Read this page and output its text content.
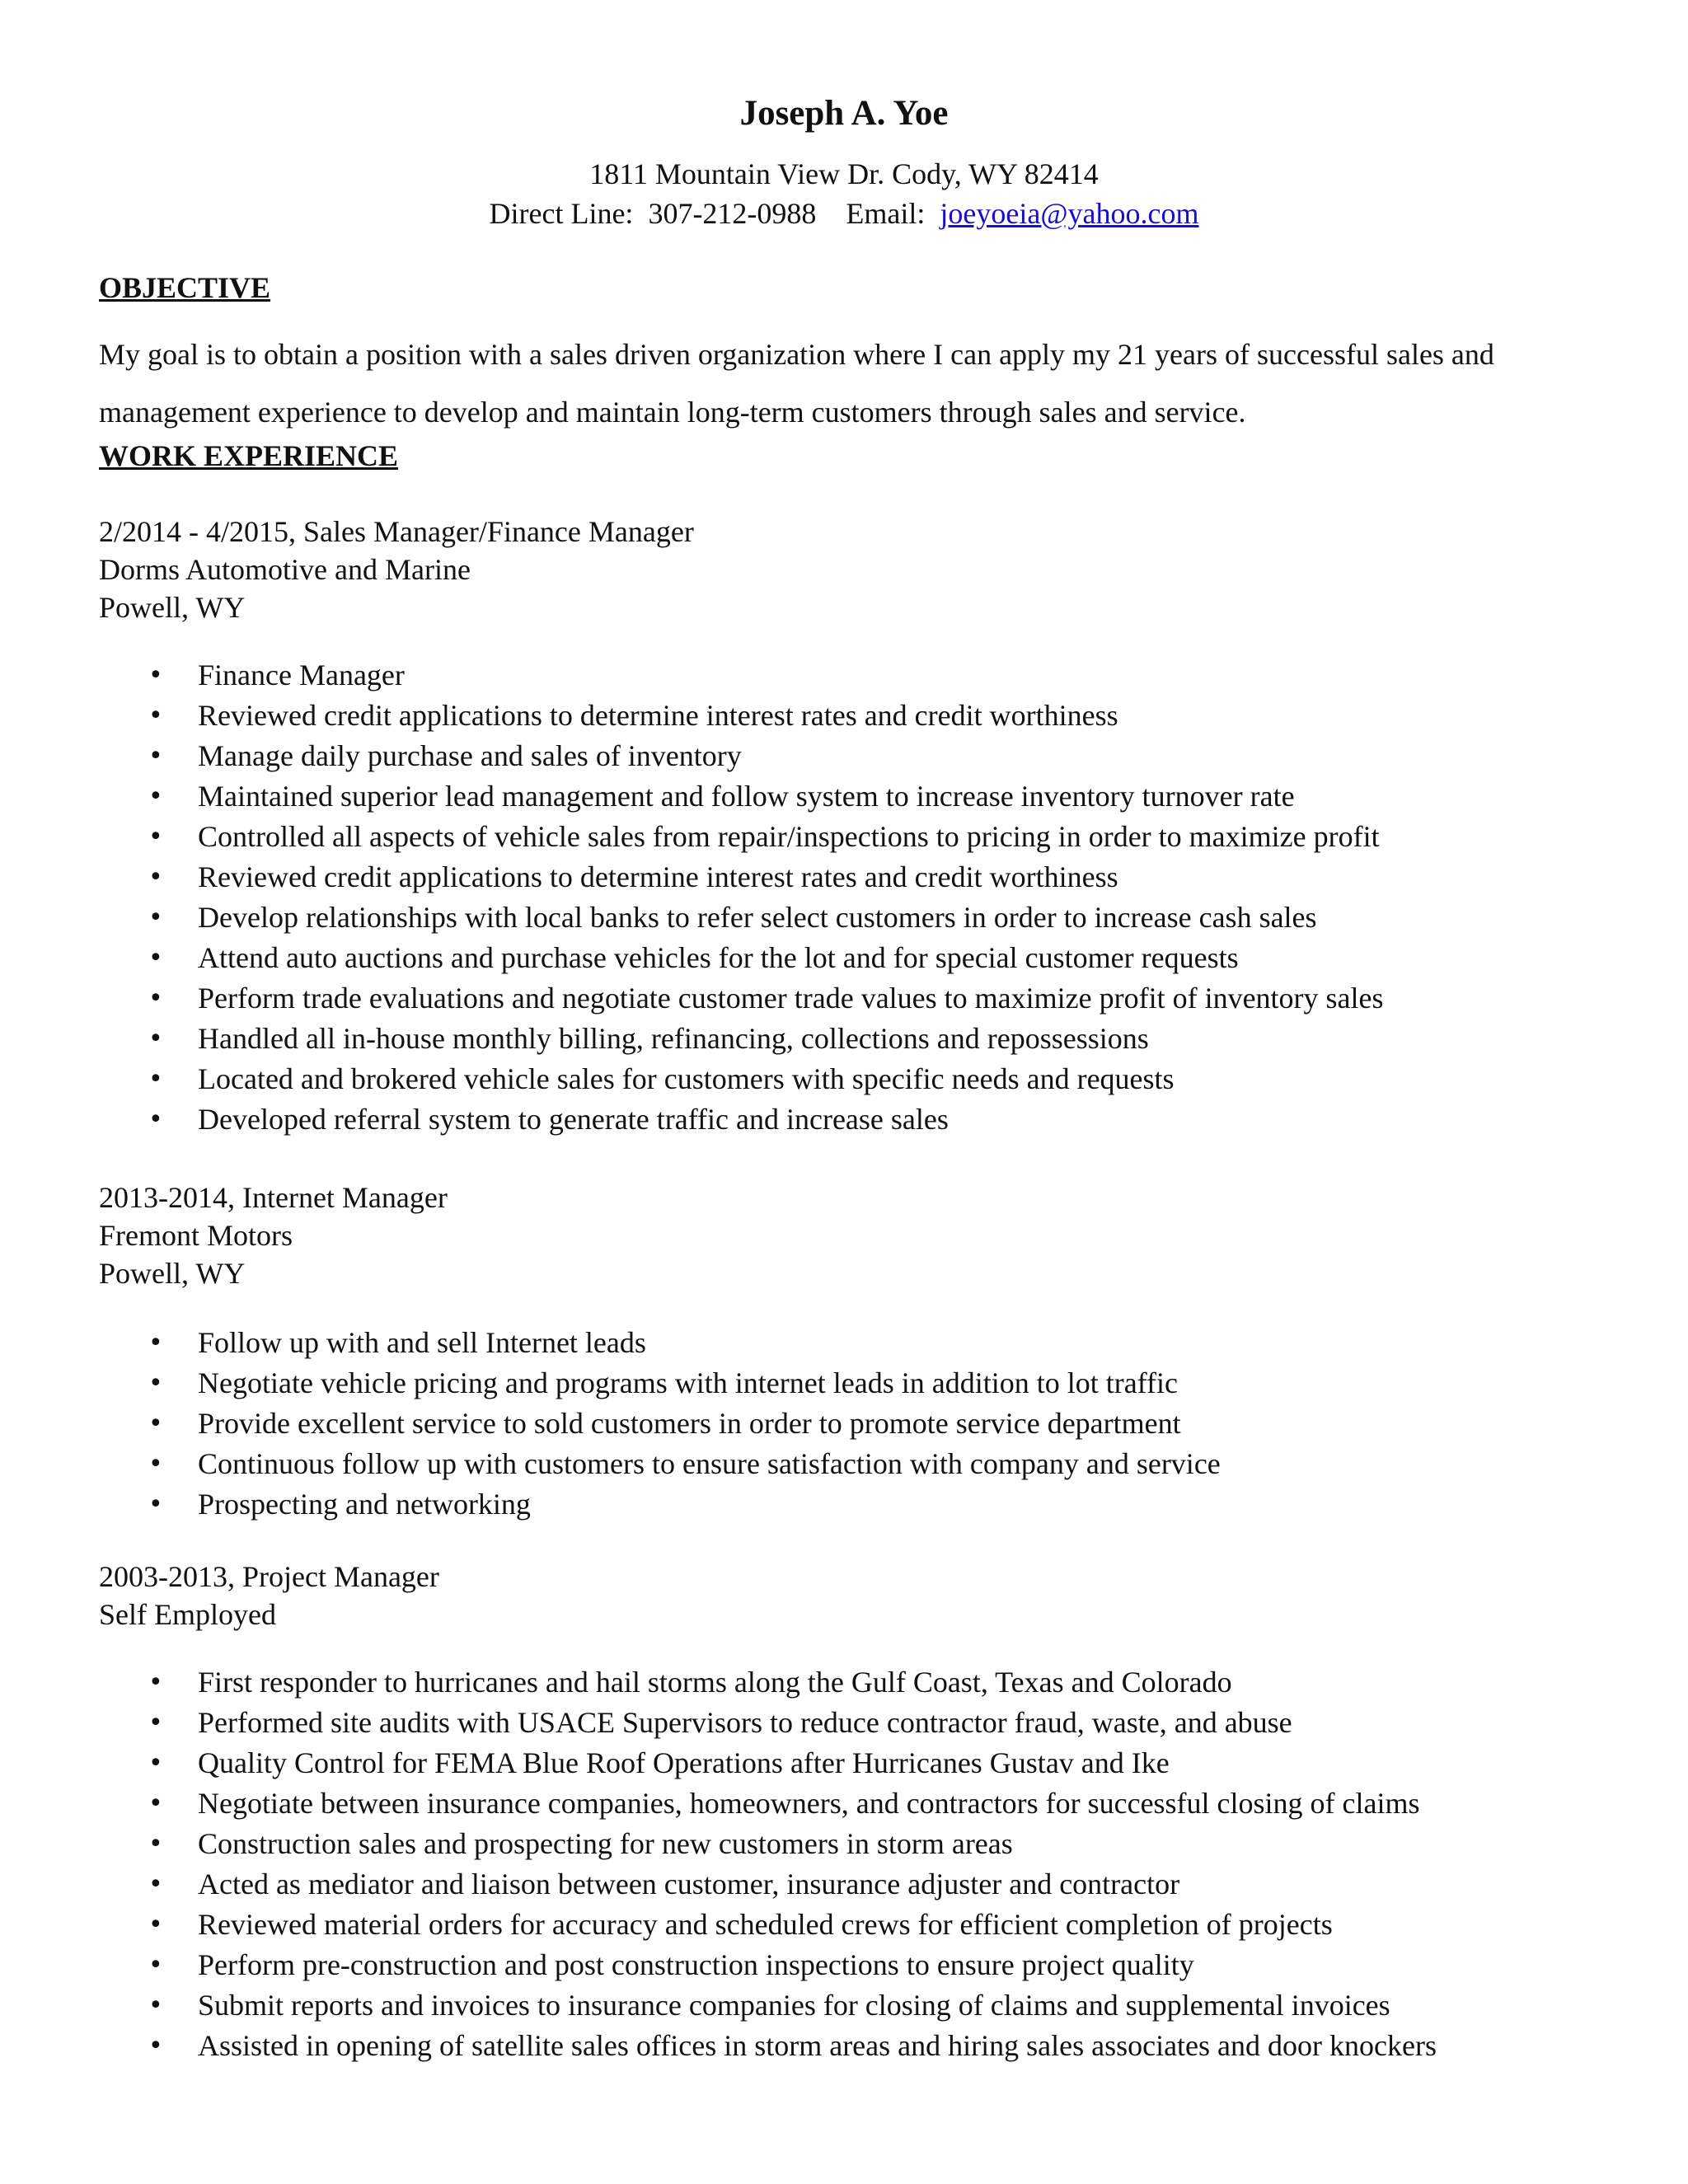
Joseph A. Yoe
1811 Mountain View Dr. Cody, WY 82414
Direct Line: 307-212-0988 Email: joeyoeia@yahoo.com
OBJECTIVE
My goal is to obtain a position with a sales driven organization where I can apply my 21 years of successful sales and management experience to develop and maintain long-term customers through sales and service.
WORK EXPERIENCE
2/2014 - 4/2015, Sales Manager/Finance Manager
Dorms Automotive and Marine
Powell, WY
• Finance Manager
• Reviewed credit applications to determine interest rates and credit worthiness
• Manage daily purchase and sales of inventory
• Maintained superior lead management and follow system to increase inventory turnover rate
• Controlled all aspects of vehicle sales from repair/inspections to pricing in order to maximize profit
• Reviewed credit applications to determine interest rates and credit worthiness
• Develop relationships with local banks to refer select customers in order to increase cash sales
• Attend auto auctions and purchase vehicles for the lot and for special customer requests
• Perform trade evaluations and negotiate customer trade values to maximize profit of inventory sales
• Handled all in-house monthly billing, refinancing, collections and repossessions
• Located and brokered vehicle sales for customers with specific needs and requests
• Developed referral system to generate traffic and increase sales
2013-2014, Internet Manager
Fremont Motors
Powell, WY
• Follow up with and sell Internet leads
• Negotiate vehicle pricing and programs with internet leads in addition to lot traffic
• Provide excellent service to sold customers in order to promote service department
• Continuous follow up with customers to ensure satisfaction with company and service
• Prospecting and networking
2003-2013, Project Manager
Self Employed
• First responder to hurricanes and hail storms along the Gulf Coast, Texas and Colorado
• Performed site audits with USACE Supervisors to reduce contractor fraud, waste, and abuse
• Quality Control for FEMA Blue Roof Operations after Hurricanes Gustav and Ike
• Negotiate between insurance companies, homeowners, and contractors for successful closing of claims
• Construction sales and prospecting for new customers in storm areas
• Acted as mediator and liaison between customer, insurance adjuster and contractor
• Reviewed material orders for accuracy and scheduled crews for efficient completion of projects
• Perform pre-construction and post construction inspections to ensure project quality
• Submit reports and invoices to insurance companies for closing of claims and supplemental invoices
• Assisted in opening of satellite sales offices in storm areas and hiring sales associates and door knockers
